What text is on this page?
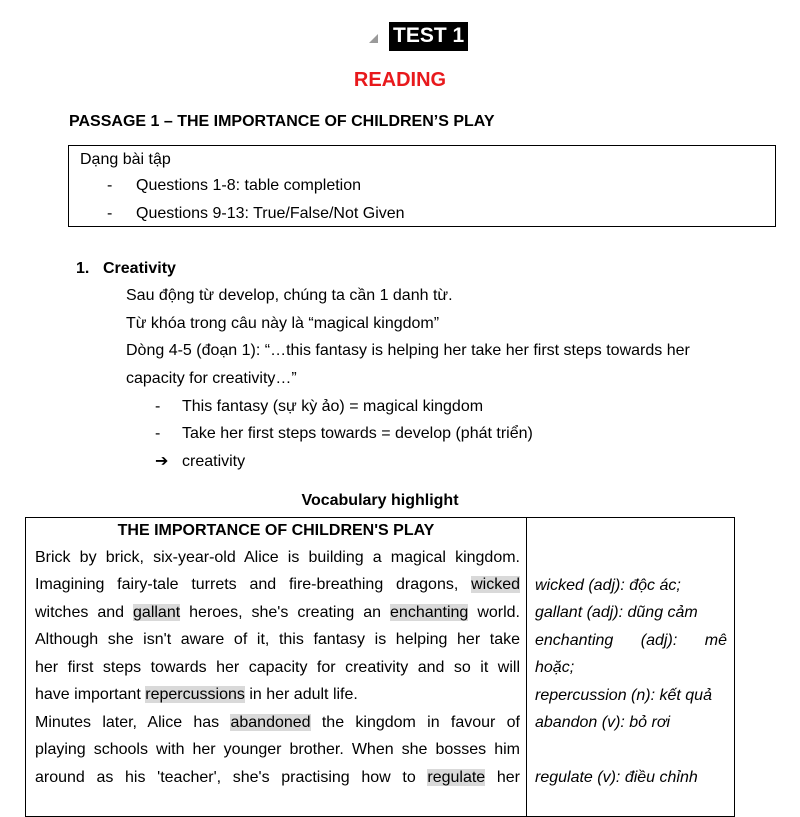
TEST 1
READING
PASSAGE 1 – THE IMPORTANCE OF CHILDREN’S PLAY
Dạng bài tập
- Questions 1-8: table completion
- Questions 9-13: True/False/Not Given
1. Creativity
Sau động từ develop, chúng ta cần 1 danh từ.
Từ khóa trong câu này là “magical kingdom”
Dòng 4-5 (đoạn 1): “…this fantasy is helping her take her first steps towards her
capacity for creativity…”
- This fantasy (sự kỳ ảo) = magical kingdom
- Take her first steps towards = develop (phát triển)
➔ creativity
Vocabulary highlight
THE IMPORTANCE OF CHILDREN'S PLAY
Brick by brick, six-year-old Alice is building a magical kingdom.
Imagining fairy-tale turrets and fire-breathing dragons, wicked
witches and gallant heroes, she's creating an enchanting world.
Although she isn't aware of it, this fantasy is helping her take
her first steps towards her capacity for creativity and so it will
have important repercussions in her adult life.
Minutes later, Alice has abandoned the kingdom in favour of
playing schools with her younger brother. When she bosses him
around as his 'teacher', she's practising how to regulate her
wicked (adj): độc ác;
gallant (adj): dũng cảm
enchanting (adj): mê
hoặc;
repercussion (n): kết quả
abandon (v): bỏ rơi
regulate (v): điều chỉnh
